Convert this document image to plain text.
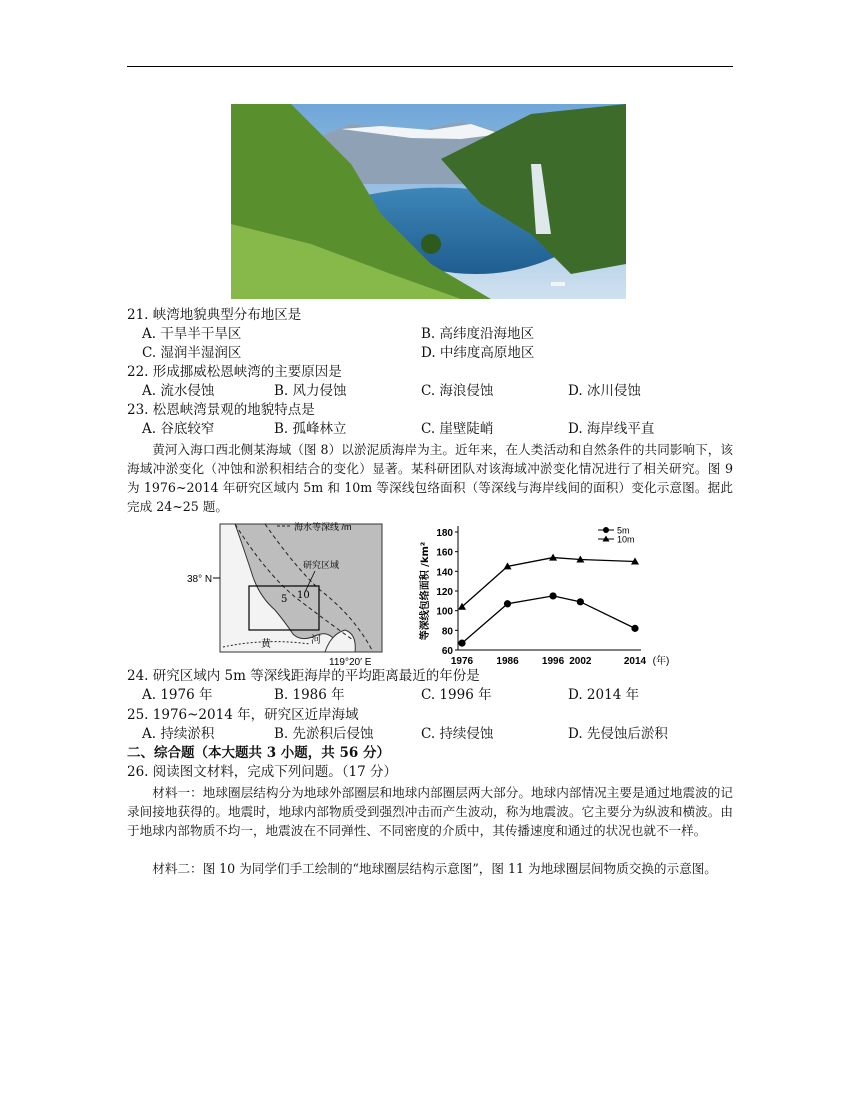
21. 峡湾地貌典型分布地区是
A. 干旱半干旱区	B. 高纬度沿海地区
C. 湿润半湿润区	D. 中纬度高原地区
22. 形成挪威松恩峡湾的主要原因是
A. 流水侵蚀	B. 风力侵蚀	C. 海浪侵蚀	D. 冰川侵蚀
23. 松恩峡湾景观的地貌特点是
A. 谷底较窄	B. 孤峰林立	C. 崖壁陡峭	D. 海岸线平直
黄河入海口西北侧某海域（图 8）以淤泥质海岸为主。近年来，在人类活动和自然条件的共同影响下，该海域冲淤变化（冲蚀和淤积相结合的变化）显著。某科研团队对该海域冲淤变化情况进行了相关研究。图 9 为 1976~2014 年研究区域内 5m 和 10m 等深线包络面积（等深线与海岸线间的面积）变化示意图。据此完成 24~25 题。
海水等深线 /m
研究区域
38° N
5 10
黄	河
119°20′ E
60
80
100
120
140
160
180
1976 1986 1996 2002	2014 (年)
等深线包络面积 /km²
5m
10m
24. 研究区域内 5m 等深线距海岸的平均距离最近的年份是
A. 1976 年	B. 1986 年	C. 1996 年	D. 2014 年
25. 1976~2014 年，研究区近岸海域
A. 持续淤积	B. 先淤积后侵蚀	C. 持续侵蚀	D. 先侵蚀后淤积
二、综合题（本大题共 3 小题，共 56 分）
26. 阅读图文材料，完成下列问题。（17 分）
材料一：地球圈层结构分为地球外部圈层和地球内部圈层两大部分。地球内部情况主要是通过地震波的记录间接地获得的。地震时，地球内部物质受到强烈冲击而产生波动，称为地震波。它主要分为纵波和横波。由于地球内部物质不均一，地震波在不同弹性、不同密度的介质中，其传播速度和通过的状况也就不一样。
材料二：图 10 为同学们手工绘制的“地球圈层结构示意图”，图 11 为地球圈层间物质交换的示意图。
